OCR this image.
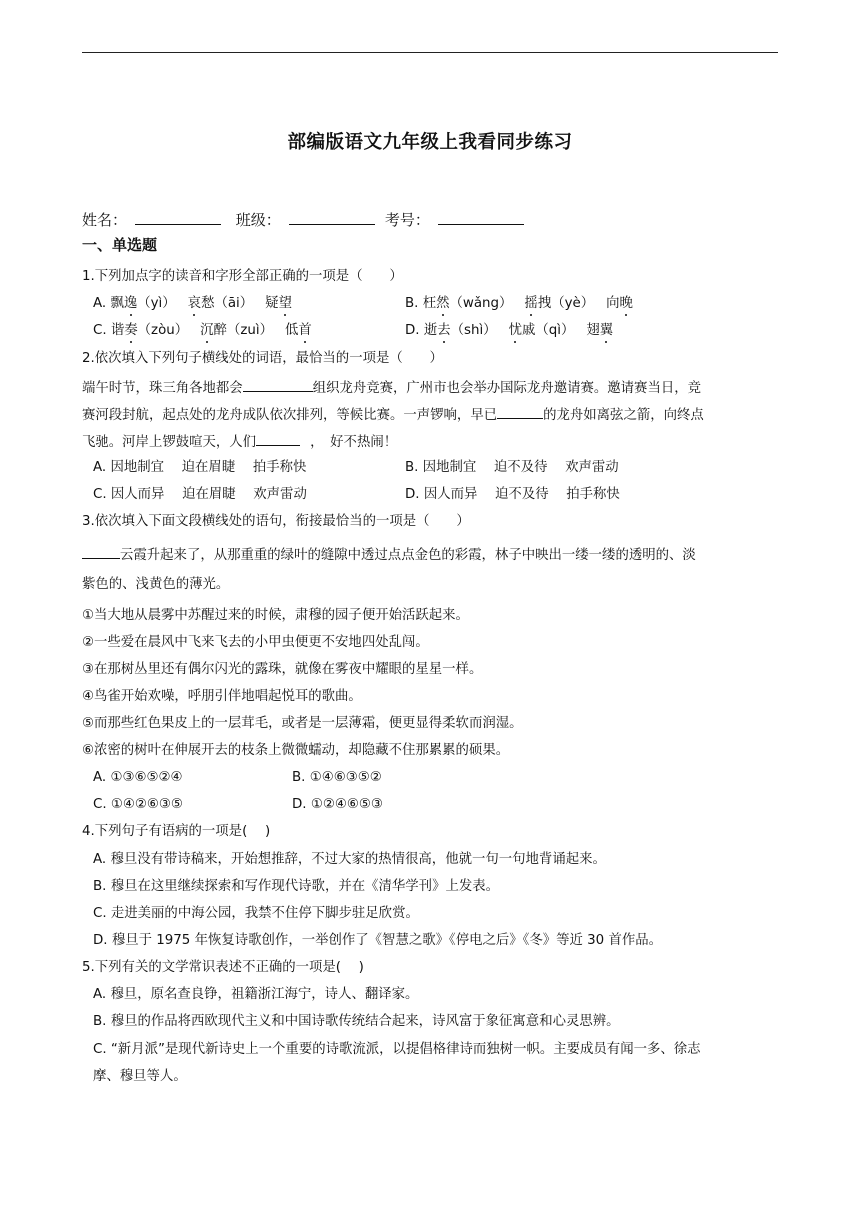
部编版语文九年级上我看同步练习
姓名：	班级：	考号：
一、单选题
1.下列加点字的读音和字形全部正确的一项是（　　）
A. 飘逸（yì） 哀愁（āi） 疑望	B. 枉然（wǎng） 摇拽（yè） 向晚
C. 谐奏（zòu） 沉醉（zuì） 低首	D. 逝去（shì） 忧戚（qì） 翅翼
2.依次填入下列句子横线处的词语，最恰当的一项是（　　）
端午时节，珠三角各地都会	组织龙舟竞赛，广州市也会举办国际龙舟邀请赛。邀请赛当日，竞
赛河段封航，起点处的龙舟成队依次排列，等候比赛。一声锣响，早已	的龙舟如离弦之箭，向终点
飞驰。河岸上锣鼓喧天，人们	，　好不热闹！
A. 因地制宜　 迫在眉睫　 拍手称快	B. 因地制宜　 迫不及待　 欢声雷动
C. 因人而异　 迫在眉睫　 欢声雷动	D. 因人而异　 迫不及待　 拍手称快
3.依次填入下面文段横线处的语句，衔接最恰当的一项是（　　）
云霞升起来了，从那重重的绿叶的缝隙中透过点点金色的彩霞，林子中映出一缕一缕的透明的、淡
紫色的、浅黄色的薄光。
①当大地从晨雾中苏醒过来的时候，肃穆的园子便开始活跃起来。
②一些爱在晨风中飞来飞去的小甲虫便更不安地四处乱闯。
③在那树丛里还有偶尔闪光的露珠，就像在雾夜中耀眼的星星一样。
④鸟雀开始欢噪，呼朋引伴地唱起悦耳的歌曲。
⑤而那些红色果皮上的一层茸毛，或者是一层薄霜，便更显得柔软而润湿。
⑥浓密的树叶在伸展开去的枝条上微微蠕动，却隐藏不住那累累的硕果。
A. ①③⑥⑤②④	B. ①④⑥③⑤②
C. ①④②⑥③⑤	D. ①②④⑥⑤③
4.下列句子有语病的一项是(　 )
A. 穆旦没有带诗稿来，开始想推辞，不过大家的热情很高，他就一句一句地背诵起来。
B. 穆旦在这里继续探索和写作现代诗歌，并在《清华学刊》上发表。
C. 走进美丽的中海公园，我禁不住停下脚步驻足欣赏。
D. 穆旦于 1975 年恢复诗歌创作，一举创作了《智慧之歌》《停电之后》《冬》等近 30 首作品。
5.下列有关的文学常识表述不正确的一项是(　 )
A. 穆旦，原名查良铮，祖籍浙江海宁，诗人、翻译家。
B. 穆旦的作品将西欧现代主义和中国诗歌传统结合起来，诗风富于象征寓意和心灵思辨。
C. “新月派”是现代新诗史上一个重要的诗歌流派，以提倡格律诗而独树一帜。主要成员有闻一多、徐志
摩、穆旦等人。
